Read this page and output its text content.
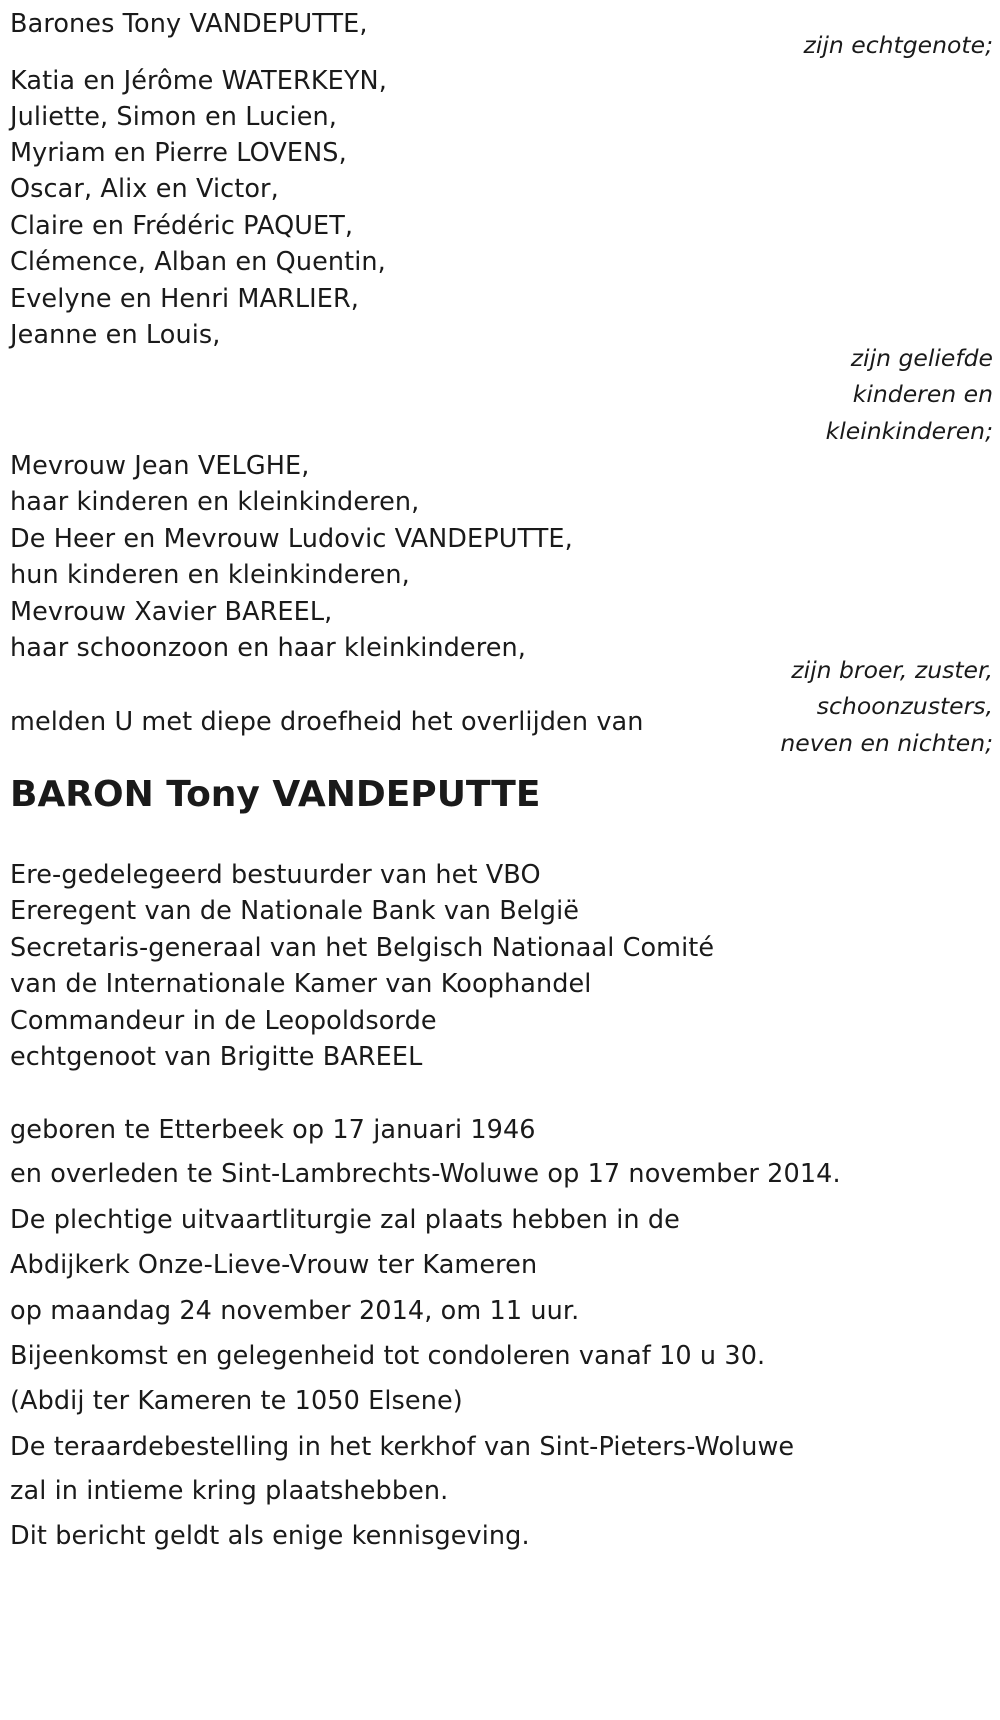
Barones Tony VANDEPUTTE,
zijn echtgenote;
Katia en Jérôme WATERKEYN,
Juliette, Simon en Lucien,
Myriam en Pierre LOVENS,
Oscar, Alix en Victor,
Claire en Frédéric PAQUET,
Clémence, Alban en Quentin,
Evelyne en Henri MARLIER,
Jeanne en Louis,
zijn geliefde
kinderen en
kleinkinderen;
Mevrouw Jean VELGHE,
haar kinderen en kleinkinderen,
De Heer en Mevrouw Ludovic VANDEPUTTE,
hun kinderen en kleinkinderen,
Mevrouw Xavier BAREEL,
haar schoonzoon en haar kleinkinderen,
zijn broer, zuster,
schoonzusters,
neven en nichten;
melden U met diepe droefheid het overlijden van
BARON Tony VANDEPUTTE
Ere-gedelegeerd bestuurder van het VBO
Ereregent van de Nationale Bank van België
Secretaris-generaal van het Belgisch Nationaal Comité
van de Internationale Kamer van Koophandel
Commandeur in de Leopoldsorde
echtgenoot van Brigitte BAREEL
geboren te Etterbeek op 17 januari 1946
en overleden te Sint-Lambrechts-Woluwe op 17 november 2014.
De plechtige uitvaartliturgie zal plaats hebben in de
Abdijkerk Onze-Lieve-Vrouw ter Kameren
op maandag 24 november 2014, om 11 uur.
Bijeenkomst en gelegenheid tot condoleren vanaf 10 u 30.
(Abdij ter Kameren te 1050 Elsene)
De teraardebestelling in het kerkhof van Sint-Pieters-Woluwe
zal in intieme kring plaatshebben.
Dit bericht geldt als enige kennisgeving.
